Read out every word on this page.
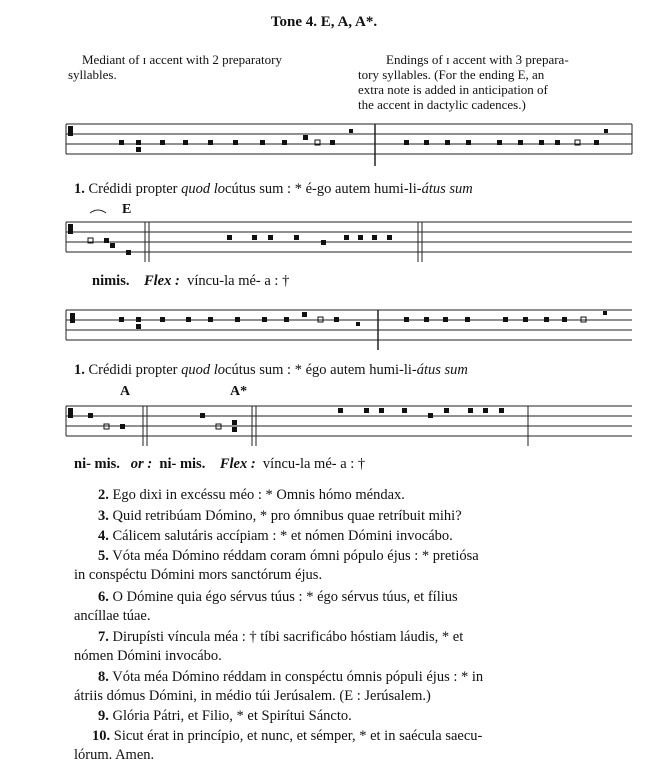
Tone 4. E, A, A*.
Mediant of ɪ accent with 2 preparatory
syllables.
Endings of ɪ accent with 3 prepara-
tory syllables. (For the ending E, an
extra note is added in anticipation of
the accent in dactylic cadences.)
1. Crédidi propter quod locútus sum : * é-go autem humi-li-átus sum
E
nimis. Flex : víncu-la mé- a : †
1. Crédidi propter quod locútus sum : * égo autem humi-li-átus sum
A	A*
ni- mis. or : ni- mis. Flex : víncu-la mé- a : †
2. Ego dixi in excéssu méo : * Omnis hómo méndax.
3. Quid retribúam Dómino, * pro ómnibus quae retríbuit mihi?
4. Cálicem salutáris accípiam : * et nómen Dómini invocábo.
5. Vóta méa Dómino réddam coram ómni pópulo éjus : * pretiósa
in conspéctu Dómini mors sanctórum éjus.
6. O Dómine quia égo sérvus túus : * égo sérvus túus, et fílius
ancíllae túae.
7. Dirupísti víncula méa : † tíbi sacrificábo hóstiam láudis, * et
nómen Dómini invocábo.
8. Vóta méa Dómino réddam in conspéctu ómnis pópuli éjus : * in
átriis dómus Dómini, in médio túi Jerúsalem. (E : Jerúsalem.)
9. Glória Pátri, et Filio, * et Spirítui Sáncto.
10. Sicut érat in princípio, et nunc, et sémper, * et in saécula saecu-
lórum. Amen.
